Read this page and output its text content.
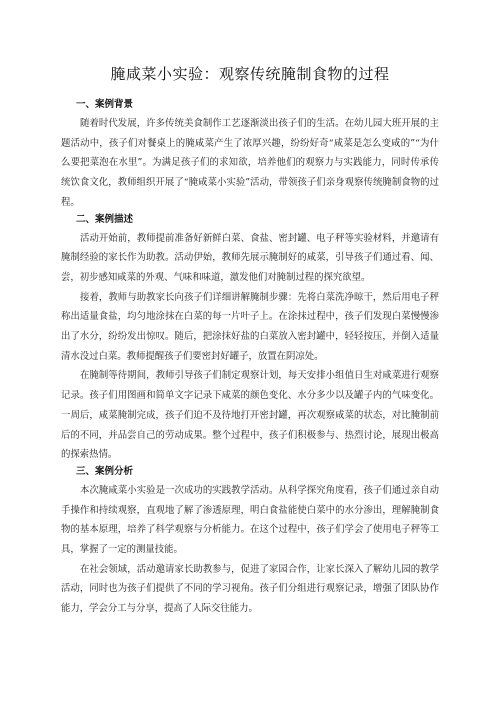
腌咸菜小实验：观察传统腌制食物的过程
一、案例背景

随着时代发展，许多传统美食制作工艺逐渐淡出孩子们的生活。在幼儿园大班开展的主题活动中，孩子们对餐桌上的腌咸菜产生了浓厚兴趣，纷纷好奇“咸菜是怎么变咸的”“为什么要把菜泡在水里”。为满足孩子们的求知欲，培养他们的观察力与实践能力，同时传承传统饮食文化，教师组织开展了“腌咸菜小实验”活动，带领孩子们亲身观察传统腌制食物的过程。

二、案例描述

活动开始前，教师提前准备好新鲜白菜、食盐、密封罐、电子秤等实验材料，并邀请有腌制经验的家长作为助教。活动伊始，教师先展示腌制好的咸菜，引导孩子们通过看、闻、尝，初步感知咸菜的外观、气味和味道，激发他们对腌制过程的探究欲望。

接着，教师与助教家长向孩子们详细讲解腌制步骤：先将白菜洗净晾干，然后用电子秤称出适量食盐，均匀地涂抹在白菜的每一片叶子上。在涂抹过程中，孩子们发现白菜慢慢渗出了水分，纷纷发出惊叹。随后，把涂抹好盐的白菜放入密封罐中，轻轻按压，并倒入适量清水没过白菜。教师提醒孩子们要密封好罐子，放置在阴凉处。

在腌制等待期间，教师引导孩子们制定观察计划，每天安排小组值日生对咸菜进行观察记录。孩子们用图画和简单文字记录下咸菜的颜色变化、水分多少以及罐子内的气味变化。一周后，咸菜腌制完成，孩子们迫不及待地打开密封罐，再次观察咸菜的状态，对比腌制前后的不同，并品尝自己的劳动成果。整个过程中，孩子们积极参与、热烈讨论，展现出极高的探索热情。

三、案例分析

本次腌咸菜小实验是一次成功的实践教学活动。从科学探究角度看，孩子们通过亲自动手操作和持续观察，直观地了解了渗透原理，明白食盐能使白菜中的水分渗出，理解腌制食物的基本原理，培养了科学观察与分析能力。在这个过程中，孩子们学会了使用电子秤等工具，掌握了一定的测量技能。

在社会领域，活动邀请家长助教参与，促进了家园合作，让家长深入了解幼儿园的教学活动，同时也为孩子们提供了不同的学习视角。孩子们分组进行观察记录，增强了团队协作能力，学会分工与分享，提高了人际交往能力。
